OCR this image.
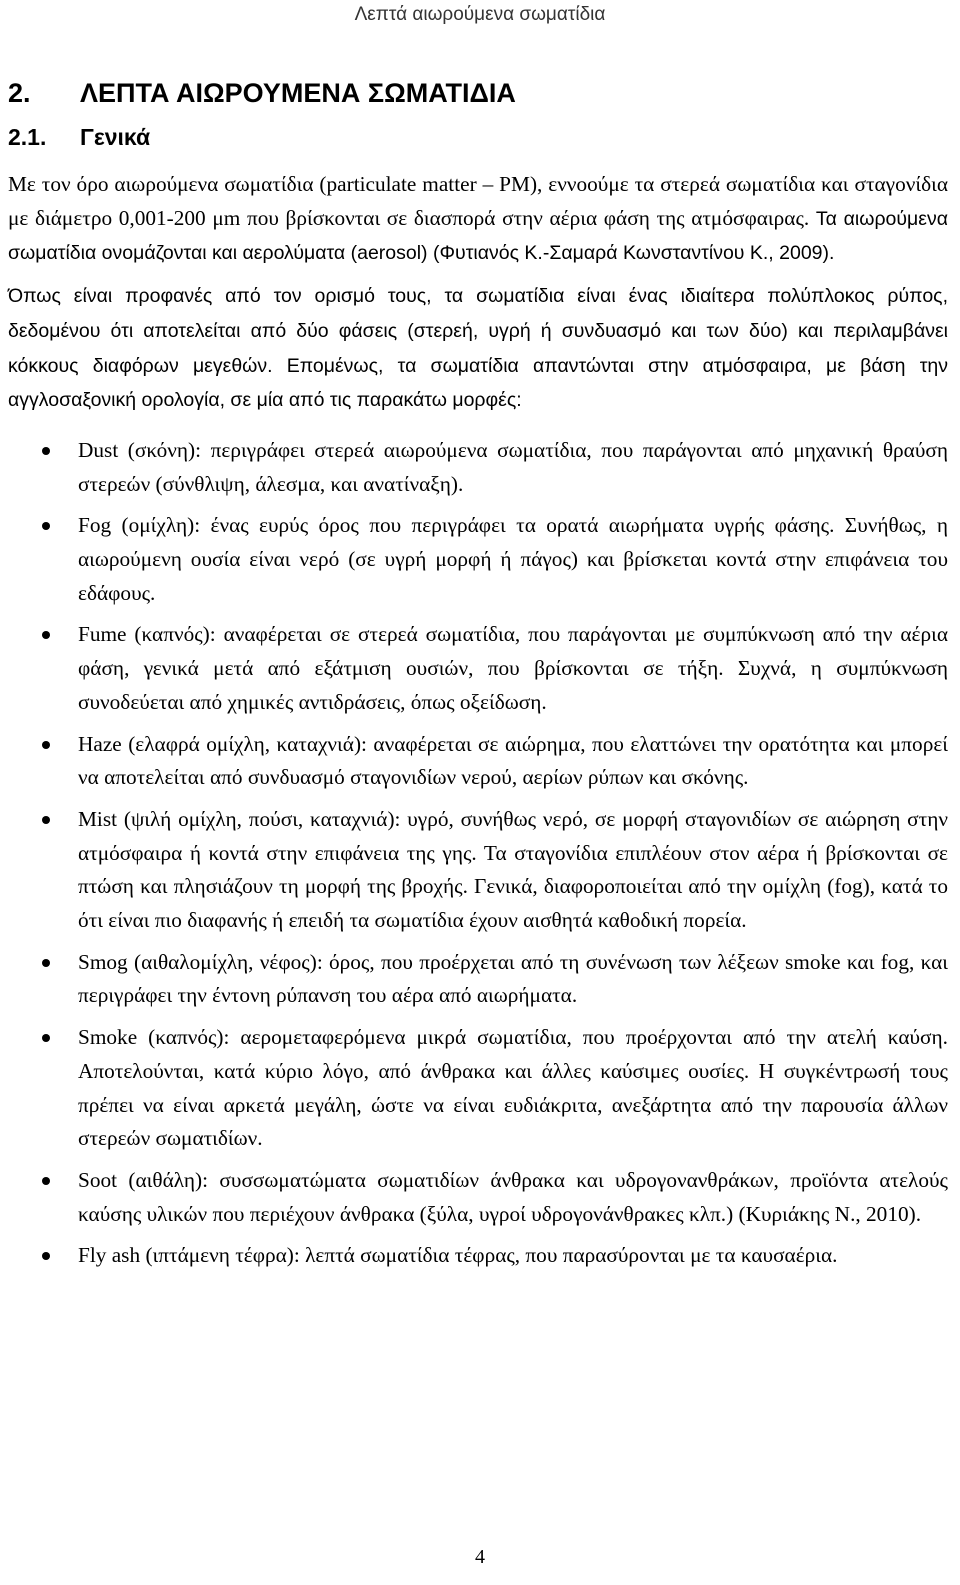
Λεπτά αιωρούμενα σωματίδια
2. ΛΕΠΤΑ ΑΙΩΡΟΥΜΕΝΑ ΣΩΜΑΤΙΔΙΑ
2.1. Γενικά

Με τον όρο αιωρούμενα σωματίδια (particulate matter – PM), εννοούμε τα στερεά σωματίδια και σταγονίδια με διάμετρο 0,001-200 μm που βρίσκονται σε διασπορά στην αέρια φάση της ατμόσφαιρας. Τα αιωρούμενα σωματίδια ονομάζονται και αερολύματα (aerosol) (Φυτιανός Κ.-Σαμαρά Κωνσταντίνου Κ., 2009).

Όπως είναι προφανές από τον ορισμό τους, τα σωματίδια είναι ένας ιδιαίτερα πολύπλοκος ρύπος, δεδομένου ότι αποτελείται από δύο φάσεις (στερεή, υγρή ή συνδυασμό και των δύο) και περιλαμβάνει κόκκους διαφόρων μεγεθών. Επομένως, τα σωματίδια απαντώνται στην ατμόσφαιρα, με βάση την αγγλοσαξονική ορολογία, σε μία από τις παρακάτω μορφές:

Dust (σκόνη): περιγράφει στερεά αιωρούμενα σωματίδια, που παράγονται από μηχανική θραύση στερεών (σύνθλιψη, άλεσμα, και ανατίναξη).
Fog (ομίχλη): ένας ευρύς όρος που περιγράφει τα ορατά αιωρήματα υγρής φάσης. Συνήθως, η αιωρούμενη ουσία είναι νερό (σε υγρή μορφή ή πάγος) και βρίσκεται κοντά στην επιφάνεια του εδάφους.
Fume (καπνός): αναφέρεται σε στερεά σωματίδια, που παράγονται με συμπύκνωση από την αέρια φάση, γενικά μετά από εξάτμιση ουσιών, που βρίσκονται σε τήξη. Συχνά, η συμπύκνωση συνοδεύεται από χημικές αντιδράσεις, όπως οξείδωση.
Haze (ελαφρά ομίχλη, καταχνιά): αναφέρεται σε αιώρημα, που ελαττώνει την ορατότητα και μπορεί να αποτελείται από συνδυασμό σταγονιδίων νερού, αερίων ρύπων και σκόνης.
Mist (ψιλή ομίχλη, πούσι, καταχνιά): υγρό, συνήθως νερό, σε μορφή σταγονιδίων σε αιώρηση στην ατμόσφαιρα ή κοντά στην επιφάνεια της γης. Τα σταγονίδια επιπλέουν στον αέρα ή βρίσκονται σε πτώση και πλησιάζουν τη μορφή της βροχής. Γενικά, διαφοροποιείται από την ομίχλη (fog), κατά το ότι είναι πιο διαφανής ή επειδή τα σωματίδια έχουν αισθητά καθοδική πορεία.
Smog (αιθαλομίχλη, νέφος): όρος, που προέρχεται από τη συνένωση των λέξεων smoke και fog, και περιγράφει την έντονη ρύπανση του αέρα από αιωρήματα.
Smoke (καπνός): αερομεταφερόμενα μικρά σωματίδια, που προέρχονται από την ατελή καύση. Αποτελούνται, κατά κύριο λόγο, από άνθρακα και άλλες καύσιμες ουσίες. Η συγκέντρωσή τους πρέπει να είναι αρκετά μεγάλη, ώστε να είναι ευδιάκριτα, ανεξάρτητα από την παρουσία άλλων στερεών σωματιδίων.
Soot (αιθάλη): συσσωματώματα σωματιδίων άνθρακα και υδρογονανθράκων, προϊόντα ατελούς καύσης υλικών που περιέχουν άνθρακα (ξύλα, υγροί υδρογονάνθρακες κλπ.) (Κυριάκης Ν., 2010).
Fly ash (ιπτάμενη τέφρα): λεπτά σωματίδια τέφρας, που παρασύρονται με τα καυσαέρια.
4
